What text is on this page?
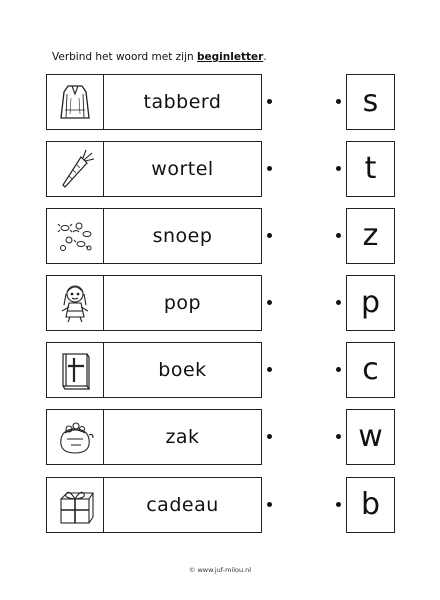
Verbind het woord met zijn beginletter.
tabberd	s
wortel	t
snoep	z
pop	p
boek	c
zak	w
cadeau	b
© www.juf-milou.nl
